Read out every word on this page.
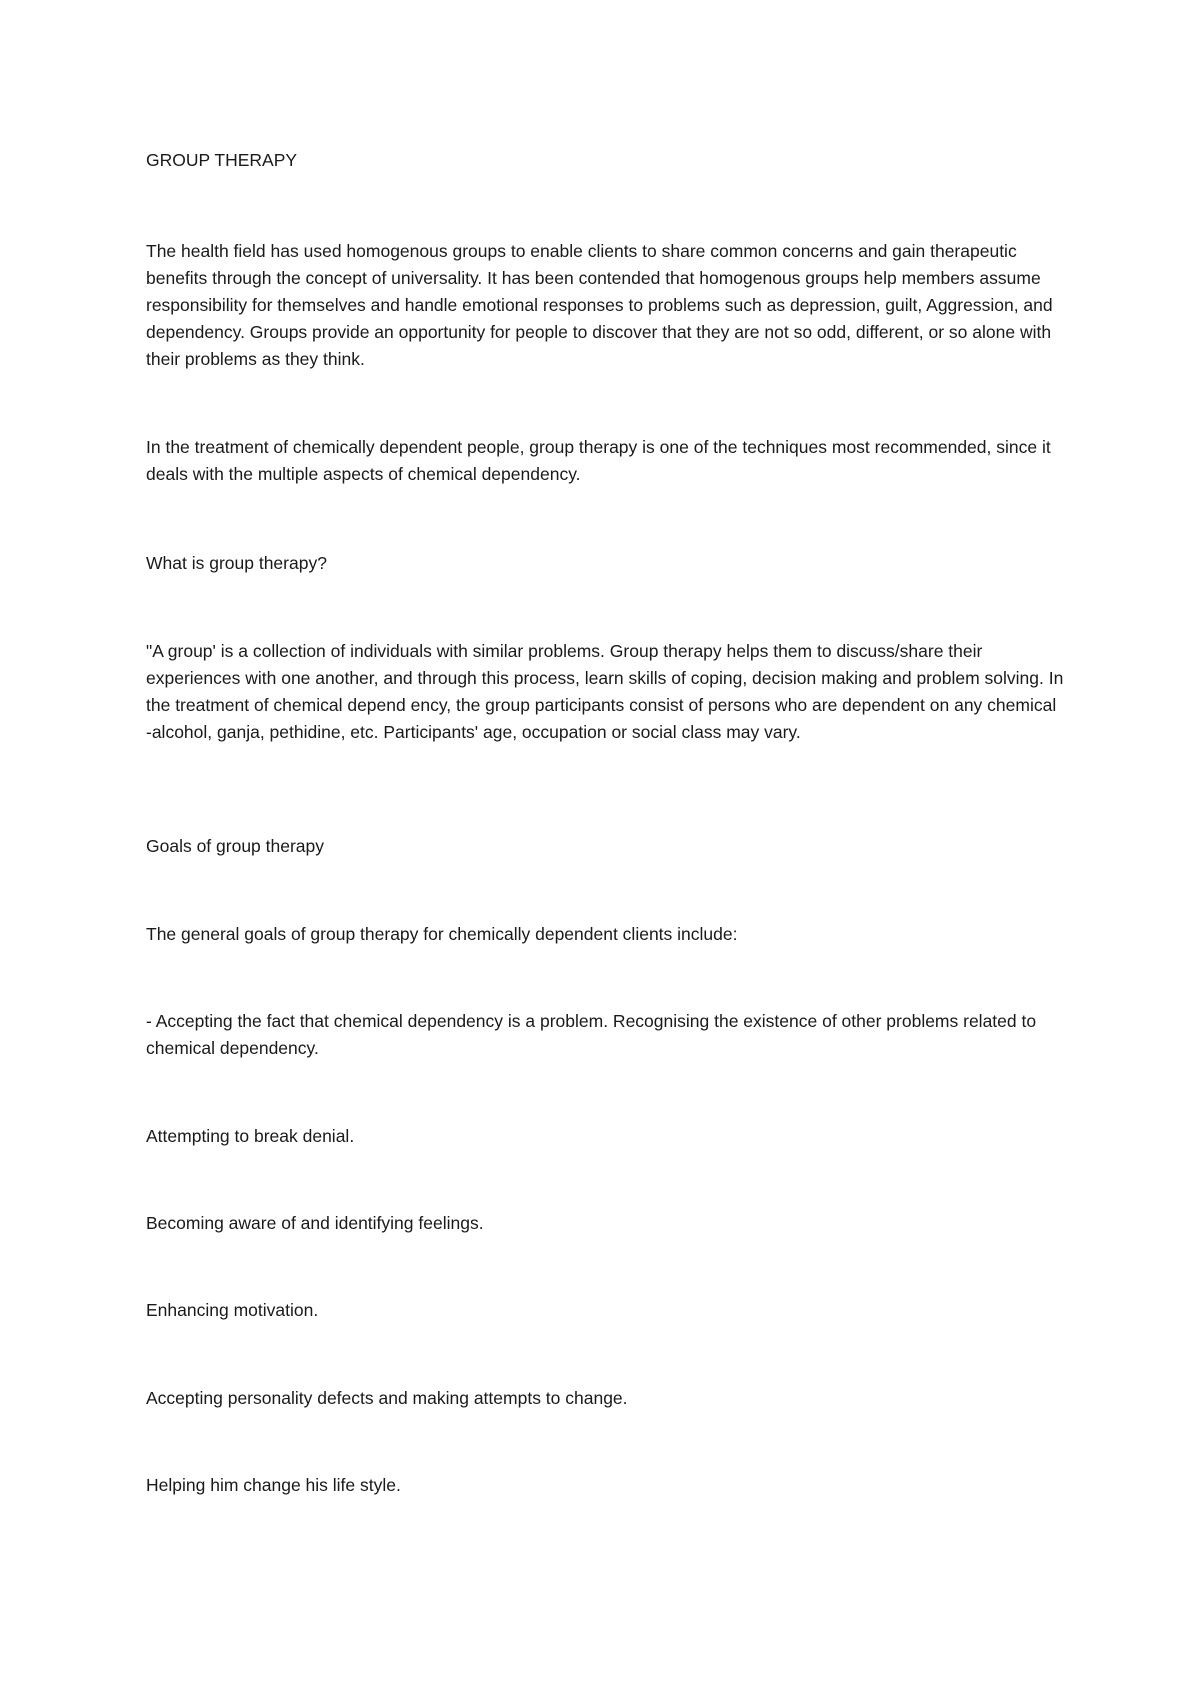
GROUP THERAPY

The health field has used homogenous groups to enable clients to share common concerns and gain therapeutic benefits through the concept of universality. It has been contended that homogenous groups help members assume responsibility for themselves and handle emotional responses to problems such as depression, guilt, Aggression, and dependency. Groups provide an opportunity for people to discover that they are not so odd, different, or so alone with their problems as they think.

In the treatment of chemically dependent people, group therapy is one of the techniques most recommended, since it deals with the multiple aspects of chemical dependency.

What is group therapy?

"A group' is a collection of individuals with similar problems. Group therapy helps them to discuss/share their experiences with one another, and through this process, learn skills of coping, decision making and problem solving. In the treatment of chemical depend ency, the group participants consist of persons who are dependent on any chemical -alcohol, ganja, pethidine, etc. Participants' age, occupation or social class may vary.

Goals of group therapy

The general goals of group therapy for chemically dependent clients include:

- Accepting the fact that chemical dependency is a problem. Recognising the existence of other problems related to chemical dependency.

Attempting to break denial.

Becoming aware of and identifying feelings.

Enhancing motivation.

Accepting personality defects and making attempts to change.

Helping him change his life style.
